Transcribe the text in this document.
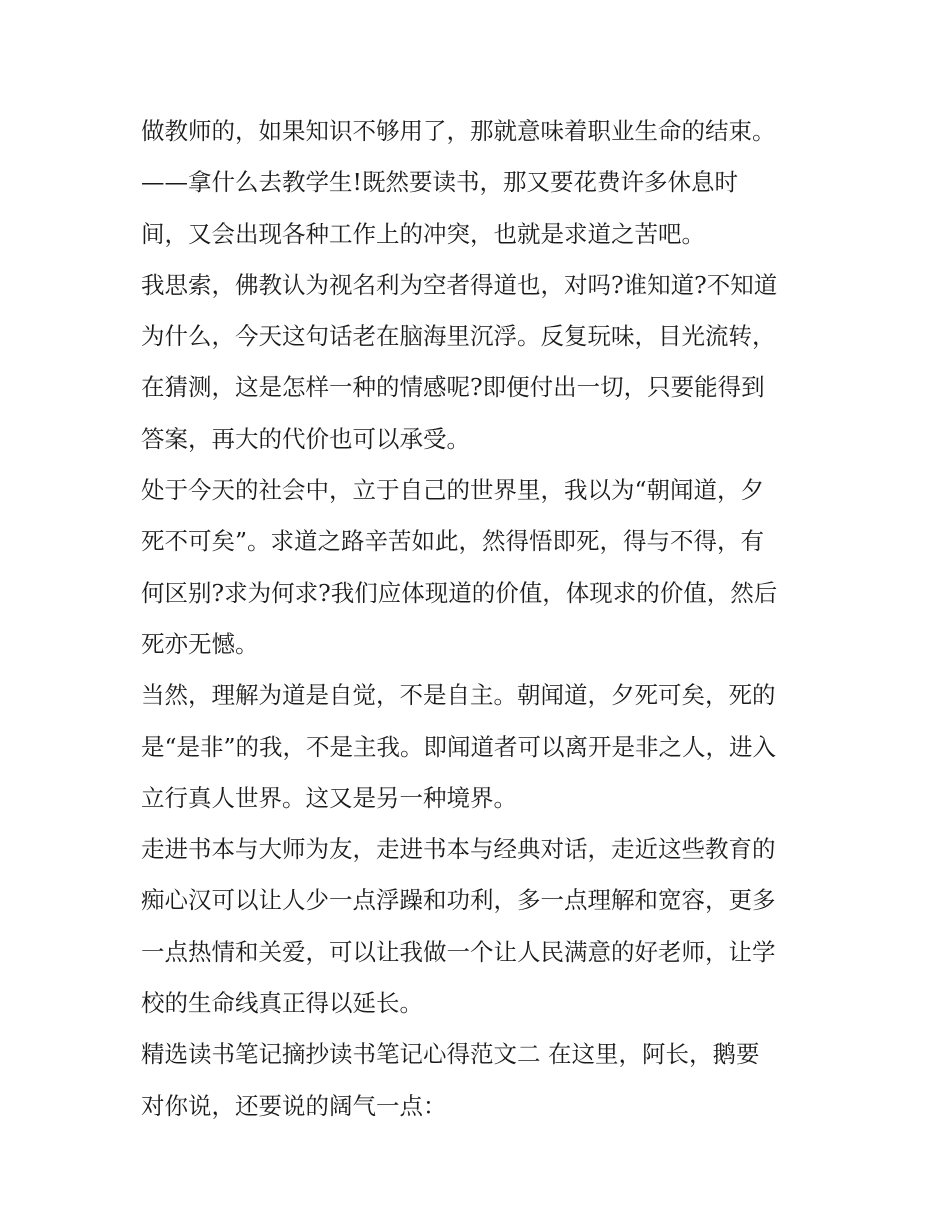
做教师的，如果知识不够用了，那就意味着职业生命的结束。
——拿什么去教学生!既然要读书，那又要花费许多休息时
间，又会出现各种工作上的冲突，也就是求道之苦吧。
我思索，佛教认为视名利为空者得道也，对吗?谁知道?不知道
为什么，今天这句话老在脑海里沉浮。反复玩味，目光流转，
在猜测，这是怎样一种的情感呢?即便付出一切，只要能得到
答案，再大的代价也可以承受。
处于今天的社会中，立于自己的世界里，我以为“朝闻道，夕
死不可矣”。求道之路辛苦如此，然得悟即死，得与不得，有
何区别?求为何求?我们应体现道的价值，体现求的价值，然后
死亦无憾。
当然，理解为道是自觉，不是自主。朝闻道，夕死可矣，死的
是“是非”的我，不是主我。即闻道者可以离开是非之人，进入
立行真人世界。这又是另一种境界。
走进书本与大师为友，走进书本与经典对话，走近这些教育的
痴心汉可以让人少一点浮躁和功利，多一点理解和宽容，更多
一点热情和关爱，可以让我做一个让人民满意的好老师，让学
校的生命线真正得以延长。
精选读书笔记摘抄读书笔记心得范文二 在这里，阿长，鹅要
对你说，还要说的阔气一点：
